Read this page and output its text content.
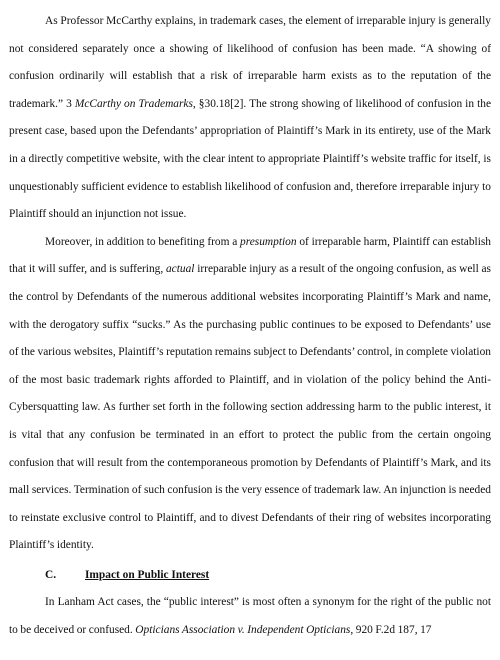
As Professor McCarthy explains, in trademark cases, the element of irreparable injury is generally not considered separately once a showing of likelihood of confusion has been made. “A showing of confusion ordinarily will establish that a risk of irreparable harm exists as to the reputation of the trademark.” 3 McCarthy on Trademarks, §30.18[2]. The strong showing of likelihood of confusion in the present case, based upon the Defendants’ appropriation of Plaintiff’s Mark in its entirety, use of the Mark in a directly competitive website, with the clear intent to appropriate Plaintiff’s website traffic for itself, is unquestionably sufficient evidence to establish likelihood of confusion and, therefore irreparable injury to Plaintiff should an injunction not issue.

Moreover, in addition to benefiting from a presumption of irreparable harm, Plaintiff can establish that it will suffer, and is suffering, actual irreparable injury as a result of the ongoing confusion, as well as the control by Defendants of the numerous additional websites incorporating Plaintiff’s Mark and name, with the derogatory suffix “sucks.” As the purchasing public continues to be exposed to Defendants’ use of the various websites, Plaintiff’s reputation remains subject to Defendants’ control, in complete violation of the most basic trademark rights afforded to Plaintiff, and in violation of the policy behind the Anti-Cybersquatting law. As further set forth in the following section addressing harm to the public interest, it is vital that any confusion be terminated in an effort to protect the public from the certain ongoing confusion that will result from the contemporaneous promotion by Defendants of Plaintiff’s Mark, and its mall services. Termination of such confusion is the very essence of trademark law. An injunction is needed to reinstate exclusive control to Plaintiff, and to divest Defendants of their ring of websites incorporating Plaintiff’s identity.

C.	Impact on Public Interest

In Lanham Act cases, the “public interest” is most often a synonym for the right of the public not to be deceived or confused. Opticians Association v. Independent Opticians, 920 F.2d 187, 17
